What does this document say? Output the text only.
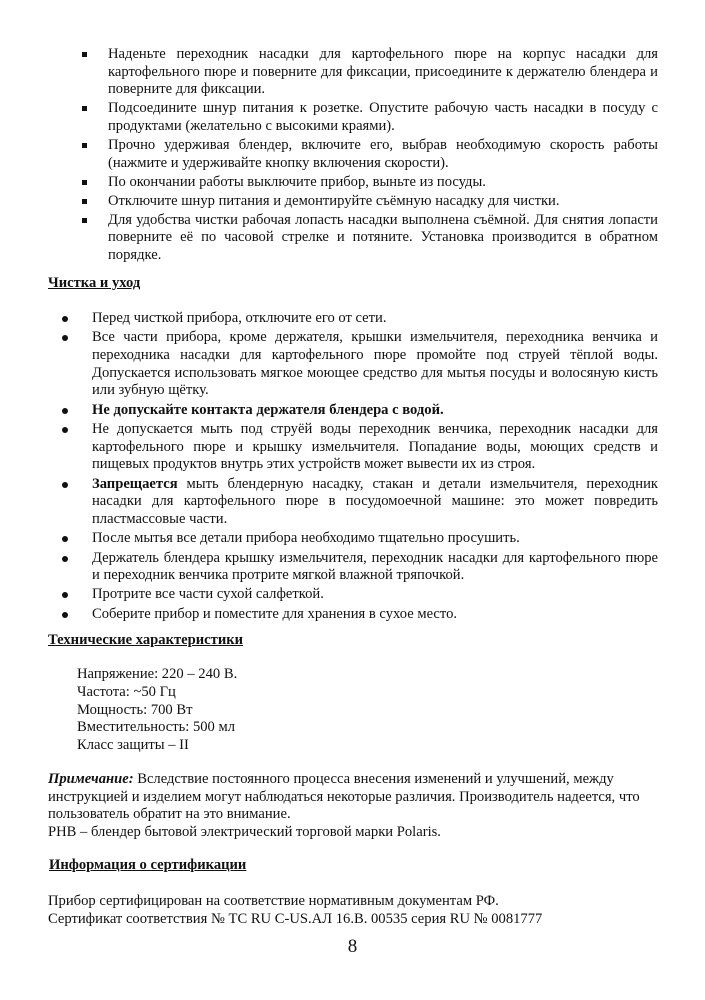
Наденьте переходник насадки для картофельного пюре на корпус насадки для картофельного пюре и поверните для фиксации, присоедините к держателю блендера и поверните для фиксации.
Подсоедините шнур питания к розетке. Опустите рабочую часть насадки в посуду с продуктами (желательно с высокими краями).
Прочно удерживая блендер, включите его, выбрав необходимую скорость работы (нажмите и удерживайте кнопку включения скорости).
По окончании работы выключите прибор, выньте из посуды.
Отключите шнур питания и демонтируйте съёмную насадку для чистки.
Для удобства чистки рабочая лопасть насадки выполнена съёмной. Для снятия лопасти поверните её по часовой стрелке и потяните. Установка производится в обратном порядке.
Чистка и уход
Перед чисткой прибора, отключите его от сети.
Все части прибора, кроме держателя, крышки измельчителя, переходника венчика и переходника насадки для картофельного пюре промойте под струей тёплой воды. Допускается использовать мягкое моющее средство для мытья посуды и волосяную кисть или зубную щётку.
Не допускайте контакта держателя блендера с водой.
Не допускается мыть под струёй воды переходник венчика, переходник насадки для картофельного пюре и крышку измельчителя. Попадание воды, моющих средств и пищевых продуктов внутрь этих устройств может вывести их из строя.
Запрещается мыть блендерную насадку, стакан и детали измельчителя, переходник насадки для картофельного пюре в посудомоечной машине: это может повредить пластмассовые части.
После мытья все детали прибора необходимо тщательно просушить.
Держатель блендера крышку измельчителя, переходник насадки для картофельного пюре и переходник венчика протрите мягкой влажной тряпочкой.
Протрите все части сухой салфеткой.
Соберите прибор и поместите для хранения в сухое место.
Технические характеристики
Напряжение: 220 – 240 В.
Частота: ~50 Гц
Мощность: 700 Вт
Вместительность: 500 мл
Класс защиты – II
Примечание: Вследствие постоянного процесса внесения изменений и улучшений, между инструкцией и изделием могут наблюдаться некоторые различия. Производитель надеется, что пользователь обратит на это внимание.
PHB – блендер бытовой электрический торговой марки Polaris.
Информация о сертификации
Прибор сертифицирован на соответствие нормативным документам РФ.
Сертификат соответствия № ТС RU С-US.АЛ 16.В. 00535 серия RU № 0081777
8
